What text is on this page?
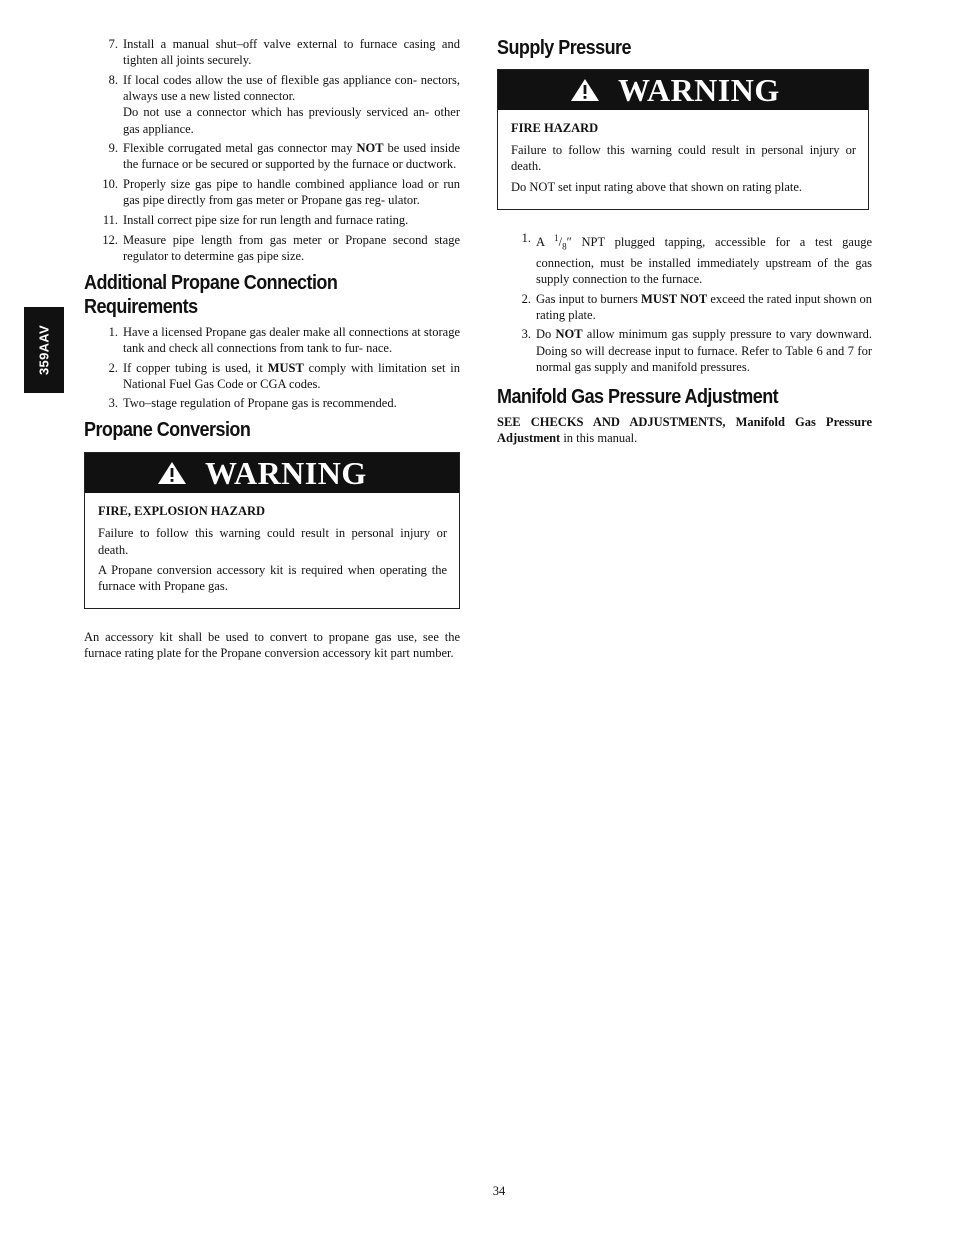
359AAV
7. Install a manual shut–off valve external to furnace casing and tighten all joints securely.
8. If local codes allow the use of flexible gas appliance con- nectors, always use a new listed connector.
Do not use a connector which has previously serviced an- other gas appliance.
9. Flexible corrugated metal gas connector may NOT be used inside the furnace or be secured or supported by the furnace or ductwork.
10. Properly size gas pipe to handle combined appliance load or run gas pipe directly from gas meter or Propane gas reg- ulator.
11. Install correct pipe size for run length and furnace rating.
12. Measure pipe length from gas meter or Propane second stage regulator to determine gas pipe size.
Additional Propane Connection
Requirements
1. Have a licensed Propane gas dealer make all connections at storage tank and check all connections from tank to fur- nace.
2. If copper tubing is used, it MUST comply with limitation set in National Fuel Gas Code or CGA codes.
3. Two–stage regulation of Propane gas is recommended.
Propane Conversion
WARNING

FIRE, EXPLOSION HAZARD

Failure to follow this warning could result in personal injury or death.

A Propane conversion accessory kit is required when operating the furnace with Propane gas.

An accessory kit shall be used to convert to propane gas use, see the furnace rating plate for the Propane conversion accessory kit part number.

Supply Pressure
WARNING

FIRE HAZARD

Failure to follow this warning could result in personal injury or death.

Do NOT set input rating above that shown on rating plate.

1. A $^1/_8''$ NPT plugged tapping, accessible for a test gauge connection, must be installed immediately upstream of the gas supply connection to the furnace.
2. Gas input to burners MUST NOT exceed the rated input shown on rating plate.
3. Do NOT allow minimum gas supply pressure to vary downward. Doing so will decrease input to furnace. Refer to Table 6 and 7 for normal gas supply and manifold pressures.
Manifold Gas Pressure Adjustment

SEE CHECKS AND ADJUSTMENTS, Manifold Gas Pressure Adjustment in this manual.

34
